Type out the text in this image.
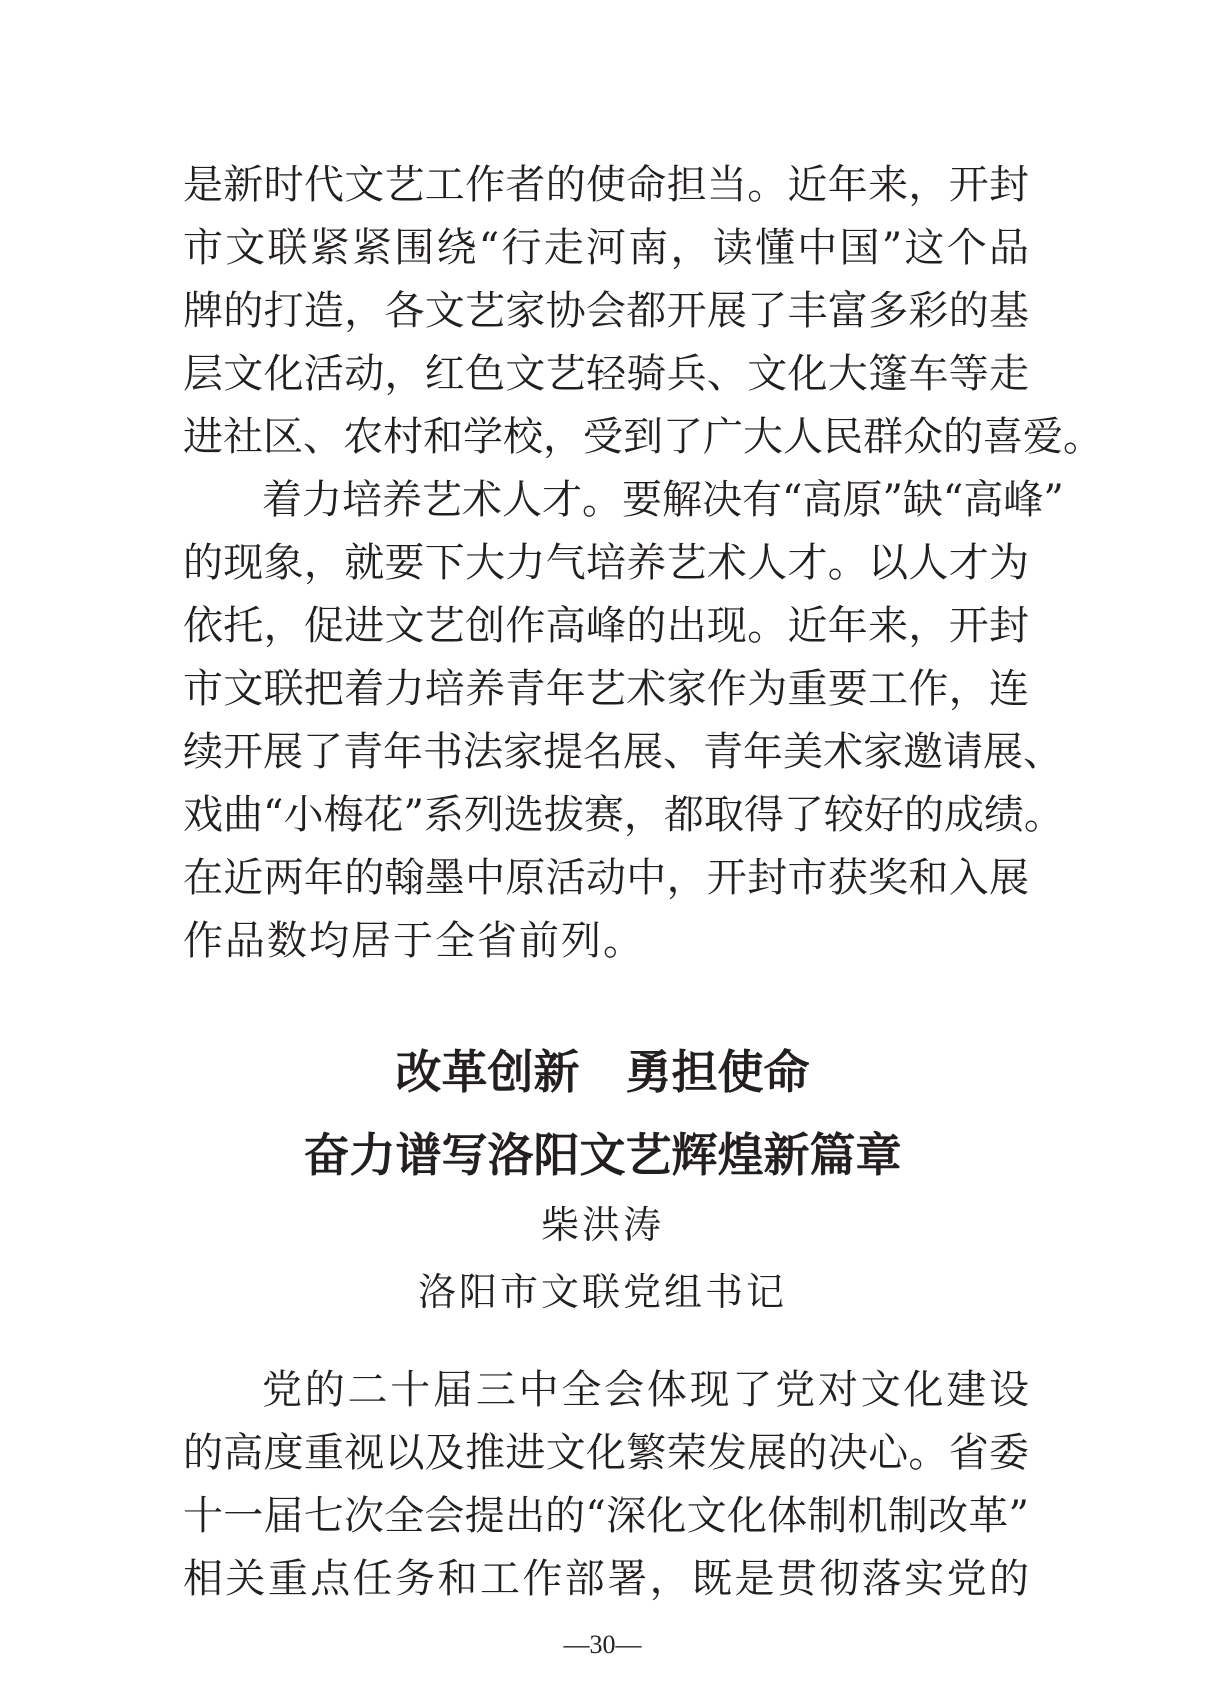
是新时代文艺工作者的使命担当。近年来，开封
市文联紧紧围绕“行走河南，读懂中国”这个品
牌的打造，各文艺家协会都开展了丰富多彩的基
层文化活动，红色文艺轻骑兵、文化大篷车等走
进社区、农村和学校，受到了广大人民群众的喜爱。
着力培养艺术人才。要解决有“高原”缺“高峰”
的现象，就要下大力气培养艺术人才。以人才为
依托，促进文艺创作高峰的出现。近年来，开封
市文联把着力培养青年艺术家作为重要工作，连
续开展了青年书法家提名展、青年美术家邀请展、
戏曲“小梅花”系列选拔赛，都取得了较好的成绩。
在近两年的翰墨中原活动中，开封市获奖和入展
作品数均居于全省前列。
改革创新　勇担使命
奋力谱写洛阳文艺辉煌新篇章
柴洪涛
洛阳市文联党组书记
党的二十届三中全会体现了党对文化建设
的高度重视以及推进文化繁荣发展的决心。省委
十一届七次全会提出的“深化文化体制机制改革”
相关重点任务和工作部署，既是贯彻落实党的
—30—
